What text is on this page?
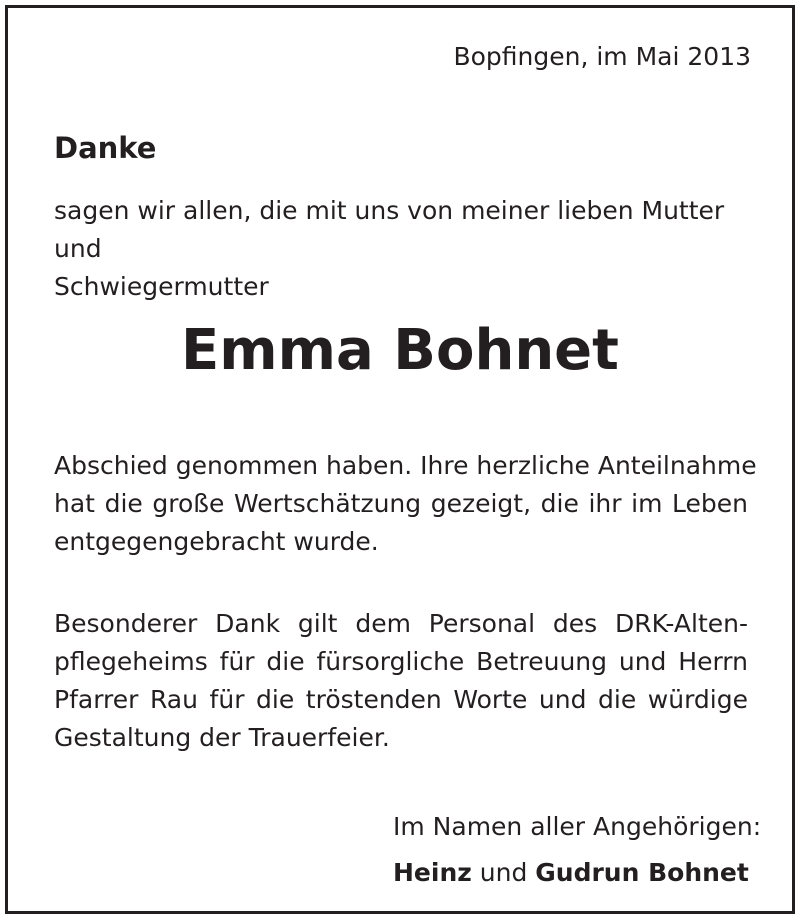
Bopfingen, im Mai 2013
Danke
sagen wir allen, die mit uns von meiner lieben Mutter und
Schwiegermutter
Emma Bohnet
Abschied genommen haben. Ihre herzliche Anteilnahme
hat die große Wertschätzung gezeigt, die ihr im Leben
entgegengebracht wurde.
Besonderer Dank gilt dem Personal des DRK-Alten-
pflegeheims für die fürsorgliche Betreuung und Herrn
Pfarrer Rau für die tröstenden Worte und die würdige
Gestaltung der Trauerfeier.
Im Namen aller Angehörigen:
Heinz und Gudrun Bohnet
